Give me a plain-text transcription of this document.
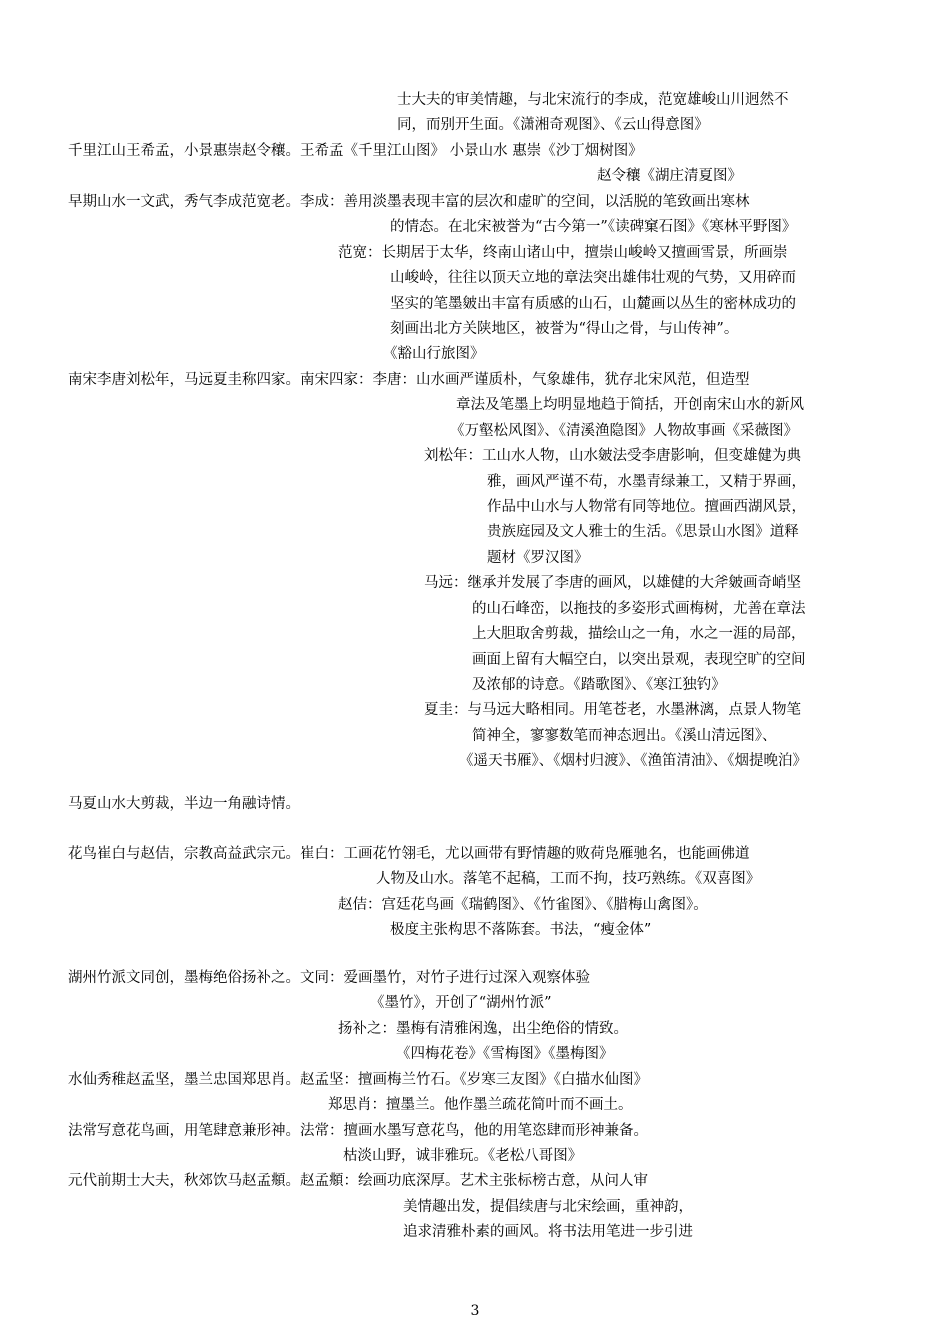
士大夫的审美情趣，与北宋流行的李成，范宽雄峻山川迥然不

同，而别开生面。《潇湘奇观图》、《云山得意图》

千里江山王希孟，小景惠崇赵令穰。王希孟《千里江山图》 小景山水 惠崇《沙丁烟树图》

赵令穰《湖庄清夏图》

早期山水一文武，秀气李成范宽老。李成：善用淡墨表现丰富的层次和虚旷的空间，以活脱的笔致画出寒林

的情态。在北宋被誉为“古今第一”《读碑窠石图》《寒林平野图》

范宽：长期居于太华，终南山诸山中，擅崇山峻岭又擅画雪景，所画崇

山峻岭，往往以顶天立地的章法突出雄伟壮观的气势，又用碎而

坚实的笔墨皴出丰富有质感的山石，山麓画以丛生的密林成功的

刻画出北方关陕地区，被誉为“得山之骨，与山传神”。

《豁山行旅图》

南宋李唐刘松年，马远夏圭称四家。南宋四家：李唐：山水画严谨质朴，气象雄伟，犹存北宋风范，但造型

章法及笔墨上均明显地趋于简括，开创南宋山水的新风

《万壑松风图》、《清溪渔隐图》人物故事画《采薇图》

刘松年：工山水人物，山水皴法受李唐影响，但变雄健为典

雅，画风严谨不苟，水墨青绿兼工，又精于界画，

作品中山水与人物常有同等地位。擅画西湖风景，

贵族庭园及文人雅士的生活。《思景山水图》道释

题材《罗汉图》

马远：继承并发展了李唐的画风，以雄健的大斧皴画奇峭坚

的山石峰峦，以拖技的多姿形式画梅树，尤善在章法

上大胆取舍剪裁，描绘山之一角，水之一涯的局部，

画面上留有大幅空白，以突出景观，表现空旷的空间

及浓郁的诗意。《踏歌图》、《寒江独钓》

夏圭：与马远大略相同。用笔苍老，水墨淋漓，点景人物笔

简神全，寥寥数笔而神态迥出。《溪山清远图》、

《遥天书雁》、《烟村归渡》、《渔笛清油》、《烟提晚泊》

马夏山水大剪裁，半边一角融诗情。

花鸟崔白与赵佶，宗教高益武宗元。崔白：工画花竹翎毛，尤以画带有野情趣的败荷凫雁驰名，也能画佛道

人物及山水。落笔不起稿，工而不拘，技巧熟练。《双喜图》

赵佶：宫廷花鸟画《瑞鹤图》、《竹雀图》、《腊梅山禽图》。

极度主张构思不落陈套。书法，“瘦金体”

湖州竹派文同创，墨梅绝俗扬补之。文同：爱画墨竹，对竹子进行过深入观察体验

《墨竹》，开创了“湖州竹派”

扬补之：墨梅有清雅闲逸，出尘绝俗的情致。

《四梅花卷》《雪梅图》《墨梅图》

水仙秀稚赵孟坚，墨兰忠国郑思肖。赵孟坚：擅画梅兰竹石。《岁寒三友图》《白描水仙图》

郑思肖：擅墨兰。他作墨兰疏花简叶而不画土。

法常写意花鸟画，用笔肆意兼形神。法常：擅画水墨写意花鸟，他的用笔恣肆而形神兼备。

枯淡山野，诚非雅玩。《老松八哥图》

元代前期士大夫，秋郊饮马赵孟頫。赵孟頫：绘画功底深厚。艺术主张标榜古意，从问人审

美情趣出发，提倡续唐与北宋绘画，重神韵，

追求清雅朴素的画风。将书法用笔进一步引进

3
